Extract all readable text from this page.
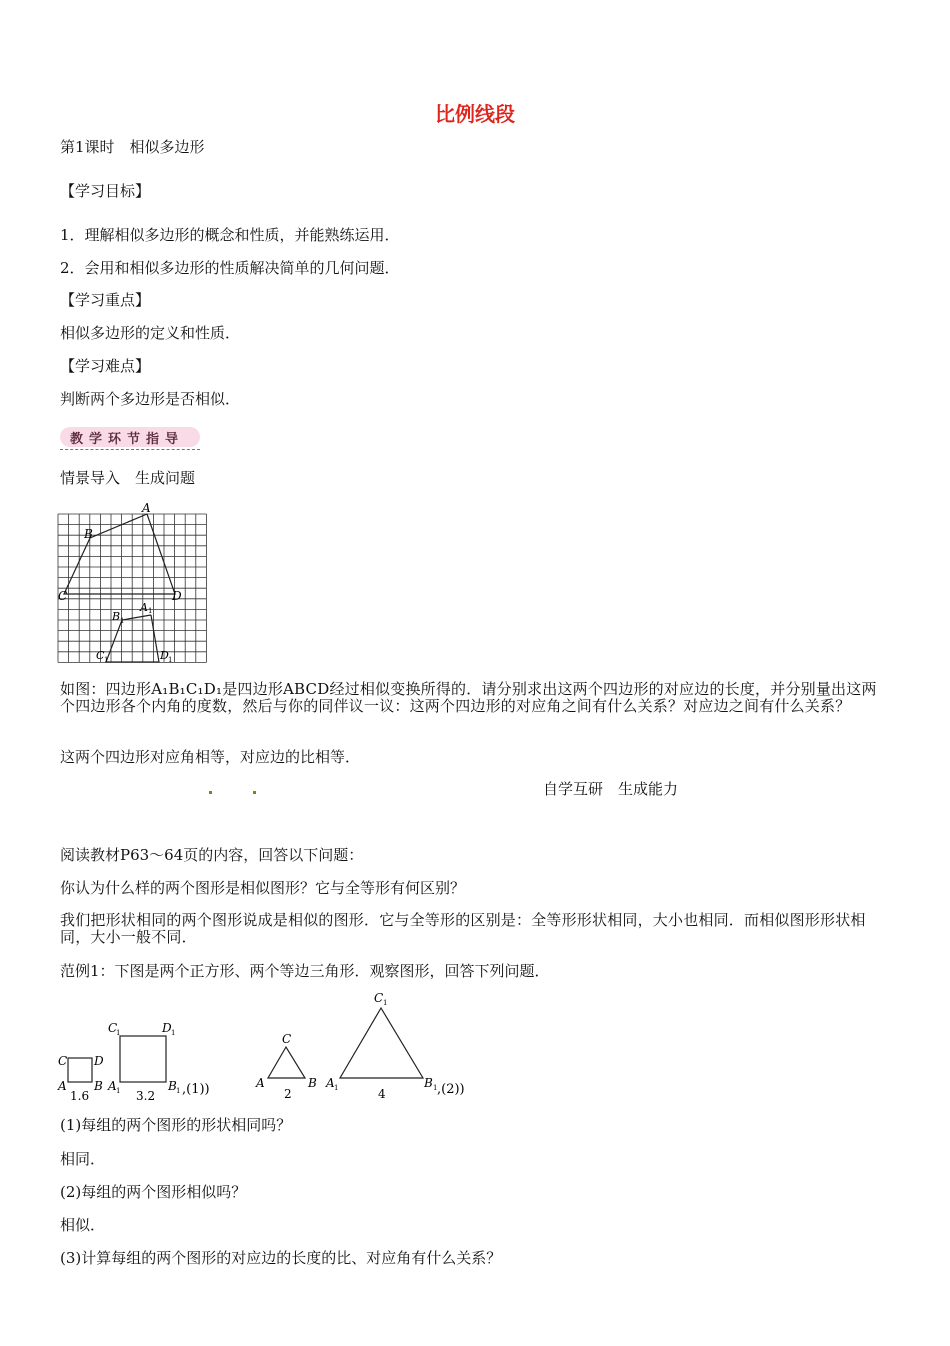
比例线段
第1课时　相似多边形
【学习目标】
1．理解相似多边形的概念和性质，并能熟练运用．
2．会用和相似多边形的性质解决简单的几何问题．
【学习重点】
相似多边形的定义和性质．
【学习难点】
判断两个多边形是否相似．
教学环节指导
情景导入　生成问题
A
B
C	D
A 1
B 1
C 1	D 1
如图：四边形A₁B₁C₁D₁是四边形ABCD经过相似变换所得的．请分别求出这两个四边形的对应边的长度，并分别量出这两个四边形各个内角的度数，然后与你的同伴议一议：这两个四边形的对应角之间有什么关系？对应边之间有什么关系？
这两个四边形对应角相等，对应边的比相等．
自学互研　生成能力
阅读教材P63～64页的内容，回答以下问题：
你认为什么样的两个图形是相似图形？它与全等形有何区别？
我们把形状相同的两个图形说成是相似的图形．它与全等形的区别是：全等形形状相同，大小也相同．而相似图形形状相同，大小一般不同．
范例1：下图是两个正方形、两个等边三角形．观察图形，回答下列问题．
C D
A B
1.6
C
1	D 1
A 1	B 1
3.2 ,(1))
C
A	B
2
C 1
A 1	B 1
4	,(2))
(1)每组的两个图形的形状相同吗？
相同．
(2)每组的两个图形相似吗？
相似．
(3)计算每组的两个图形的对应边的长度的比、对应角有什么关系？
